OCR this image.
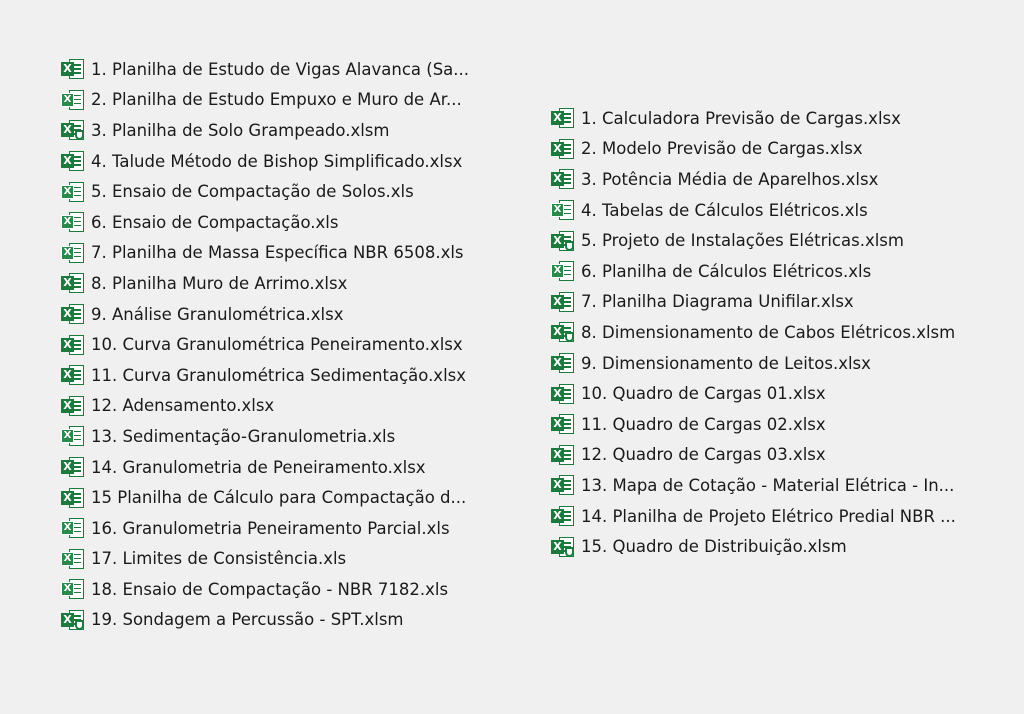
X 1. Planilha de Estudo de Vigas Alavanca (Sa...
X 2. Planilha de Estudo Empuxo e Muro de Ar...
X 3. Planilha de Solo Grampeado.xlsm
X 4. Talude Método de Bishop Simplificado.xlsx
X 5. Ensaio de Compactação de Solos.xls
X 6. Ensaio de Compactação.xls
X 7. Planilha de Massa Específica NBR 6508.xls
X 8. Planilha Muro de Arrimo.xlsx
X 9. Análise Granulométrica.xlsx
X 10. Curva Granulométrica Peneiramento.xlsx
X 11. Curva Granulométrica Sedimentação.xlsx
X 12. Adensamento.xlsx
X 13. Sedimentação-Granulometria.xls
X 14. Granulometria de Peneiramento.xlsx
X 15 Planilha de Cálculo para Compactação d...
X 16. Granulometria Peneiramento Parcial.xls
X 17. Limites de Consistência.xls
X 18. Ensaio de Compactação - NBR 7182.xls
X 19. Sondagem a Percussão - SPT.xlsm
X 1. Calculadora Previsão de Cargas.xlsx
X 2. Modelo Previsão de Cargas.xlsx
X 3. Potência Média de Aparelhos.xlsx
X 4. Tabelas de Cálculos Elétricos.xls
X 5. Projeto de Instalações Elétricas.xlsm
X 6. Planilha de Cálculos Elétricos.xls
X 7. Planilha Diagrama Unifilar.xlsx
X 8. Dimensionamento de Cabos Elétricos.xlsm
X 9. Dimensionamento de Leitos.xlsx
X 10. Quadro de Cargas 01.xlsx
X 11. Quadro de Cargas 02.xlsx
X 12. Quadro de Cargas 03.xlsx
X 13. Mapa de Cotação - Material Elétrica - In...
X 14. Planilha de Projeto Elétrico Predial NBR ...
X 15. Quadro de Distribuição.xlsm
